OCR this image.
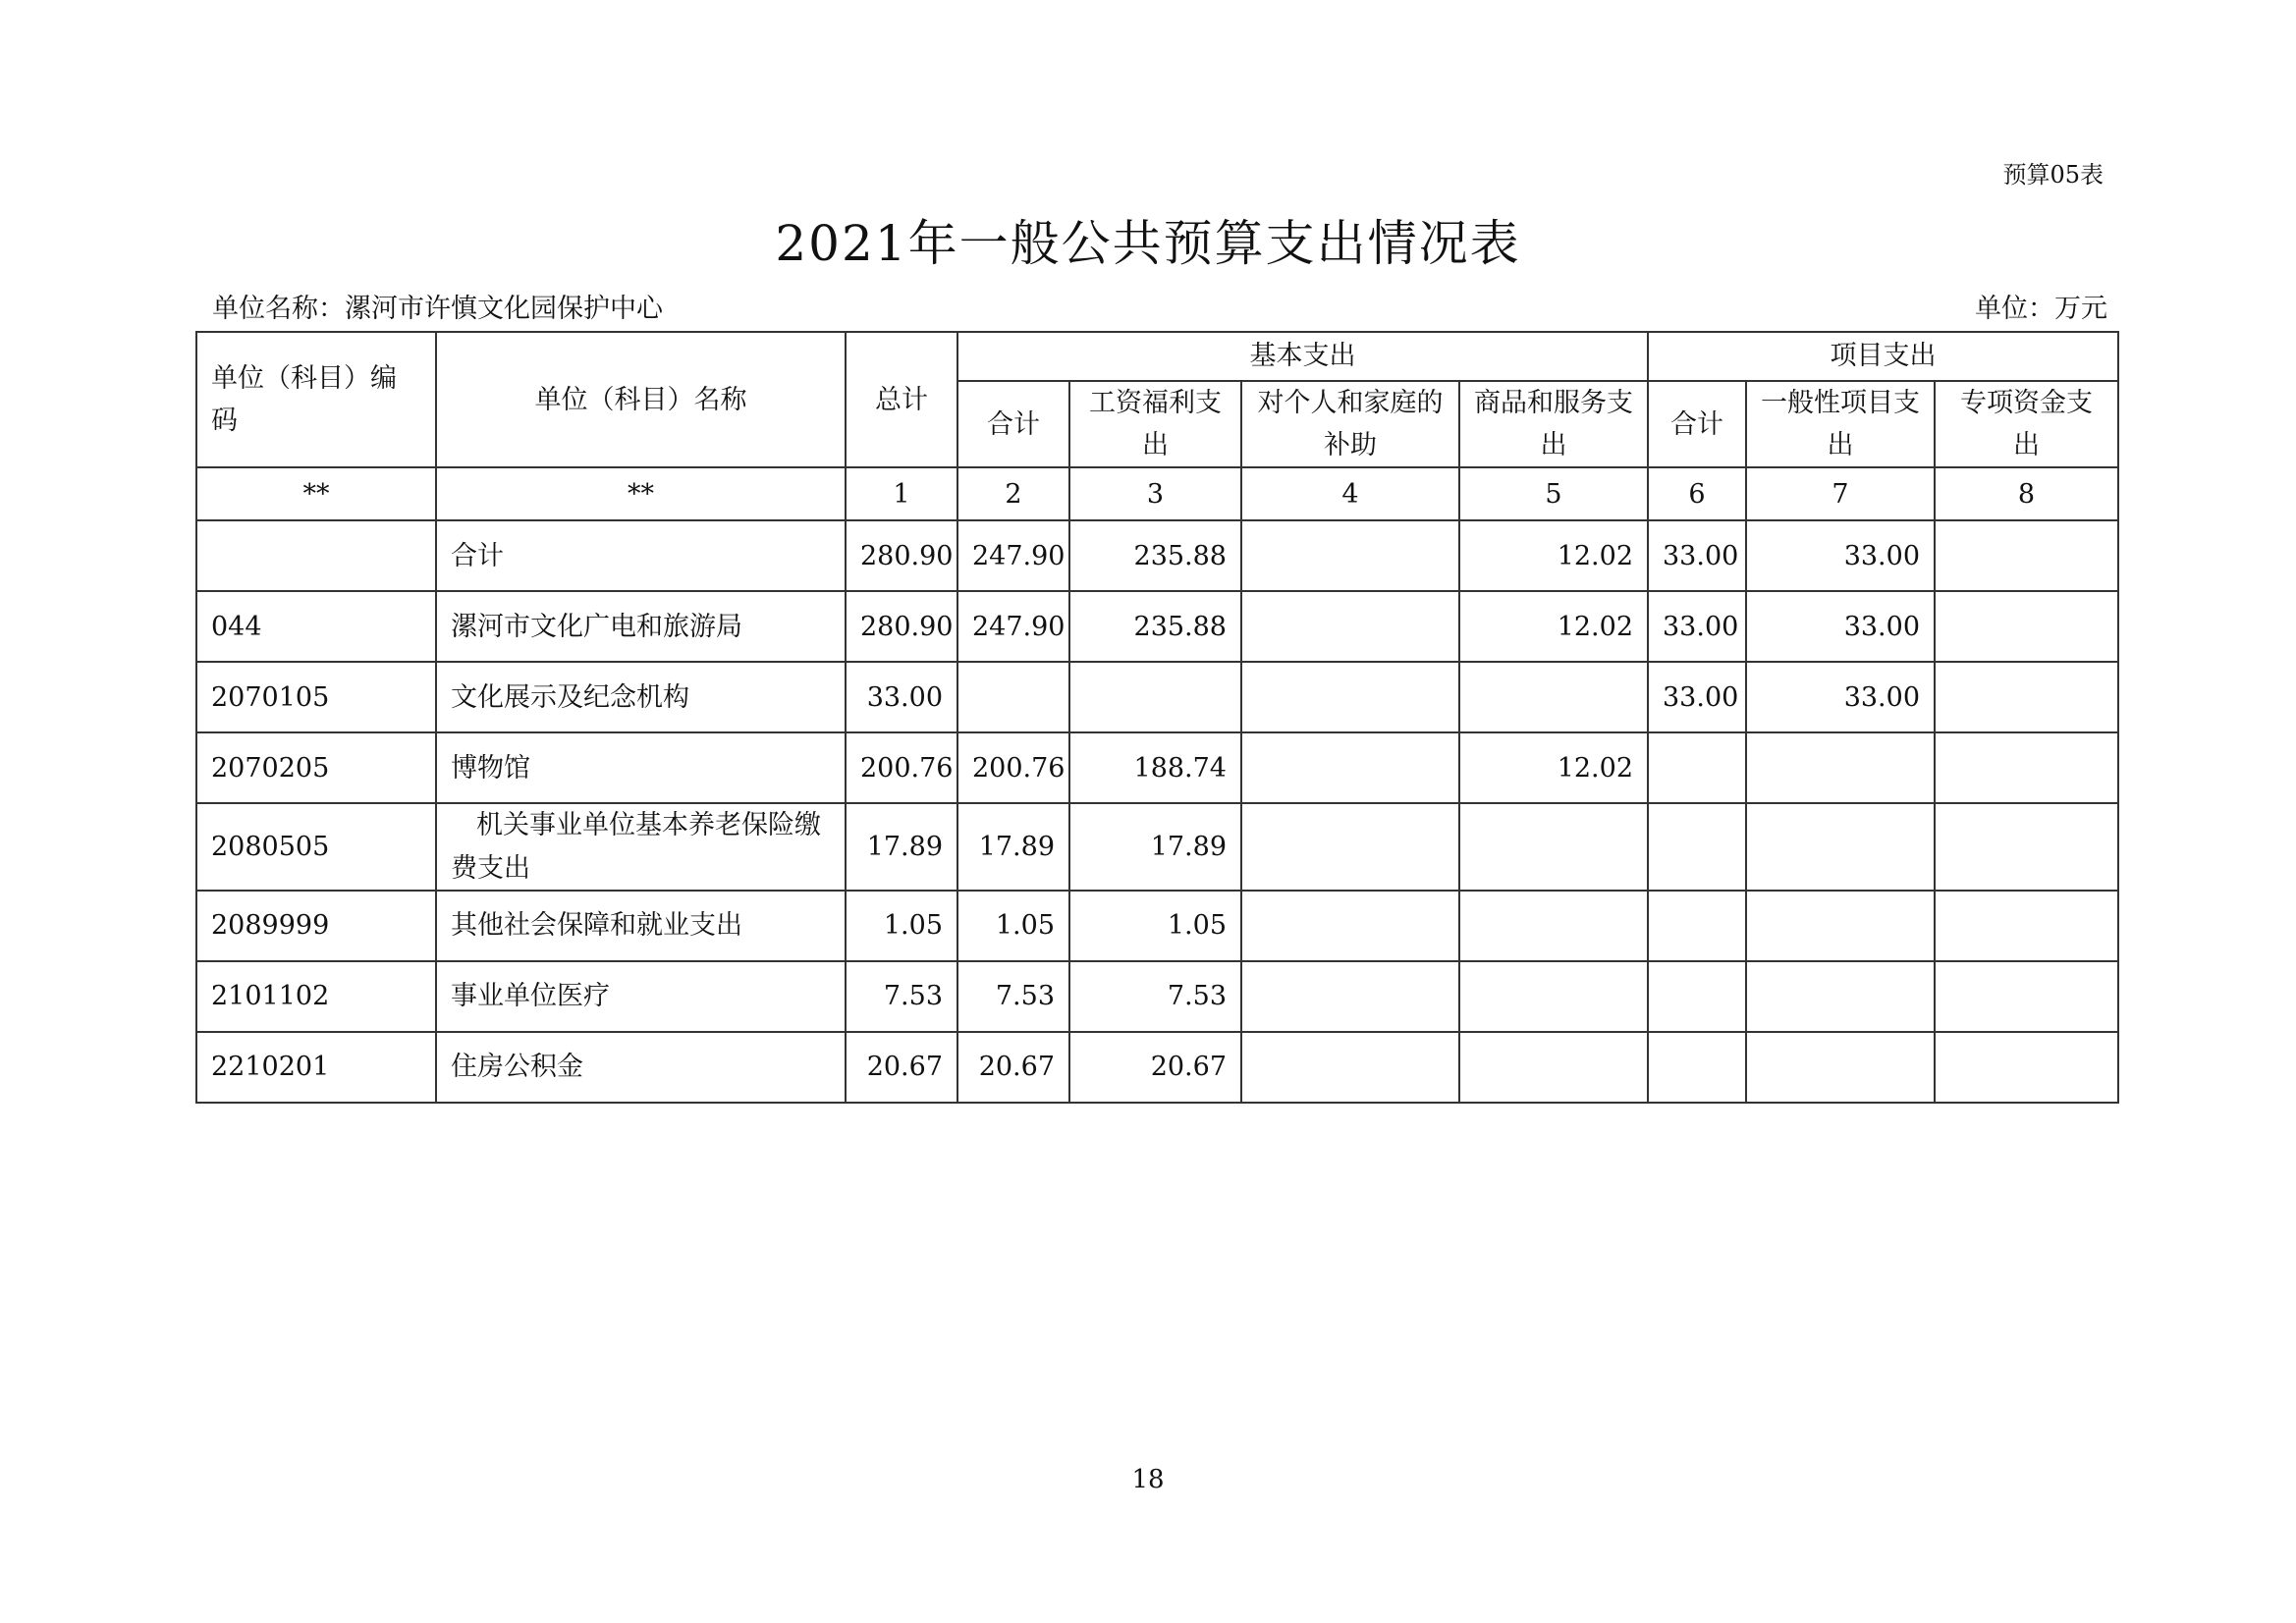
预算05表
2021年一般公共预算支出情况表
单位名称：漯河市许慎文化园保护中心	单位：万元
单位（科目）编码	单位（科目）名称	总计	基本支出				项目支出		
			合计	工资福利支出	对个人和家庭的补助	商品和服务支出	合计	一般性项目支出	专项资金支出
**	**	1	2	3	4	5	6	7	8
	合计	280.90	247.90	235.88		12.02	33.00	33.00	
044	漯河市文化广电和旅游局	280.90	247.90	235.88		12.02	33.00	33.00	
2070105	文化展示及纪念机构	33.00					33.00	33.00	
2070205	博物馆	200.76	200.76	188.74		12.02			
2080505	机关事业单位基本养老保险缴费支出	17.89	17.89	17.89					
2089999	其他社会保障和就业支出	1.05	1.05	1.05					
2101102	事业单位医疗	7.53	7.53	7.53					
2210201	住房公积金	20.67	20.67	20.67					
18
